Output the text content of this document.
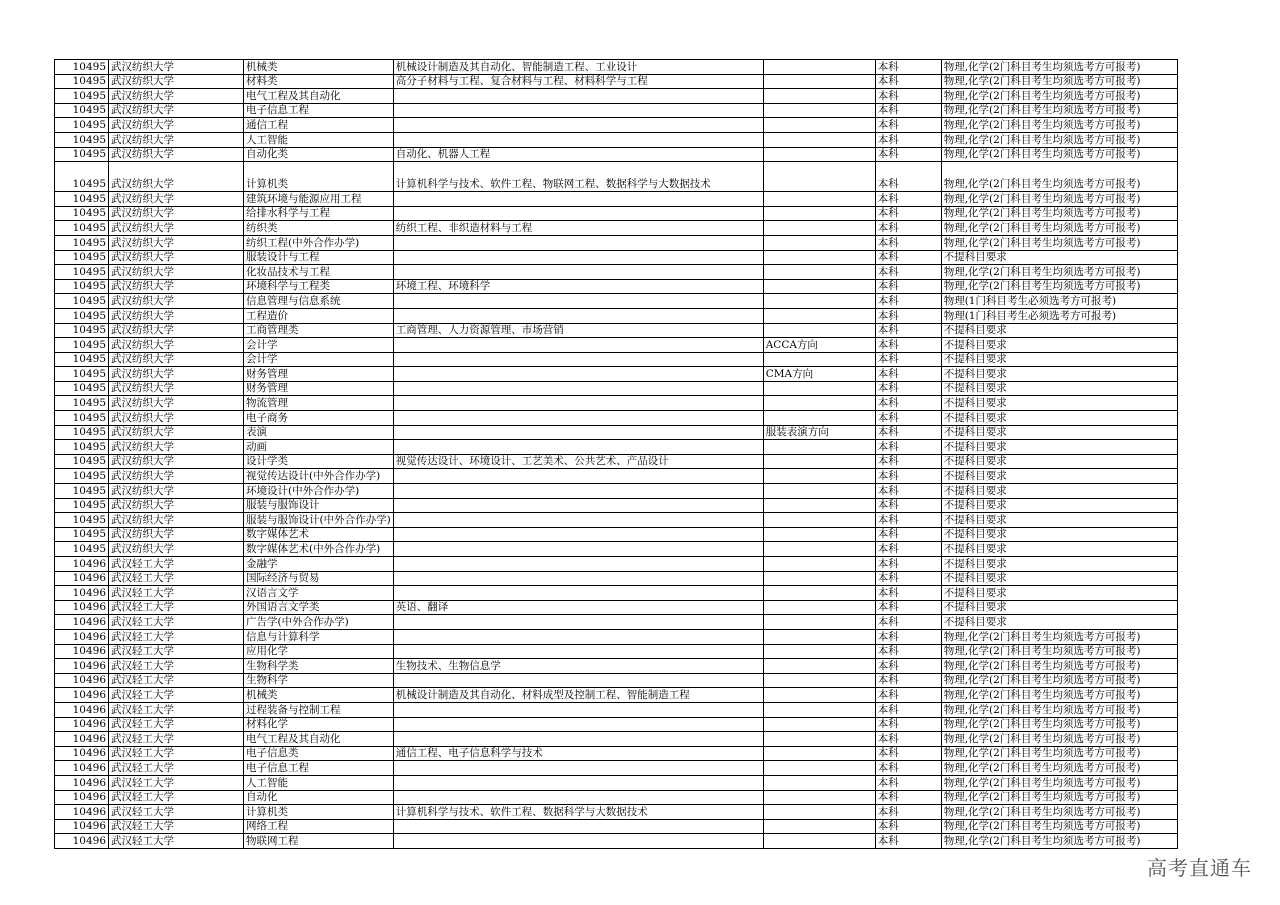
10495	武汉纺织大学	机械类	机械设计制造及其自动化、智能制造工程、工业设计		本科	物理,化学(2门科目考生均须选考方可报考)
10495	武汉纺织大学	材料类	高分子材料与工程、复合材料与工程、材料科学与工程		本科	物理,化学(2门科目考生均须选考方可报考)
10495	武汉纺织大学	电气工程及其自动化			本科	物理,化学(2门科目考生均须选考方可报考)
10495	武汉纺织大学	电子信息工程			本科	物理,化学(2门科目考生均须选考方可报考)
10495	武汉纺织大学	通信工程			本科	物理,化学(2门科目考生均须选考方可报考)
10495	武汉纺织大学	人工智能			本科	物理,化学(2门科目考生均须选考方可报考)
10495	武汉纺织大学	自动化类	自动化、机器人工程		本科	物理,化学(2门科目考生均须选考方可报考)
10495	武汉纺织大学	计算机类	计算机科学与技术、软件工程、物联网工程、数据科学与大数据技术		本科	物理,化学(2门科目考生均须选考方可报考)
10495	武汉纺织大学	建筑环境与能源应用工程			本科	物理,化学(2门科目考生均须选考方可报考)
10495	武汉纺织大学	给排水科学与工程			本科	物理,化学(2门科目考生均须选考方可报考)
10495	武汉纺织大学	纺织类	纺织工程、非织造材料与工程		本科	物理,化学(2门科目考生均须选考方可报考)
10495	武汉纺织大学	纺织工程(中外合作办学)			本科	物理,化学(2门科目考生均须选考方可报考)
10495	武汉纺织大学	服装设计与工程			本科	不提科目要求
10495	武汉纺织大学	化妆品技术与工程			本科	物理,化学(2门科目考生均须选考方可报考)
10495	武汉纺织大学	环境科学与工程类	环境工程、环境科学		本科	物理,化学(2门科目考生均须选考方可报考)
10495	武汉纺织大学	信息管理与信息系统			本科	物理(1门科目考生必须选考方可报考)
10495	武汉纺织大学	工程造价			本科	物理(1门科目考生必须选考方可报考)
10495	武汉纺织大学	工商管理类	工商管理、人力资源管理、市场营销		本科	不提科目要求
10495	武汉纺织大学	会计学		ACCA方向	本科	不提科目要求
10495	武汉纺织大学	会计学			本科	不提科目要求
10495	武汉纺织大学	财务管理		CMA方向	本科	不提科目要求
10495	武汉纺织大学	财务管理			本科	不提科目要求
10495	武汉纺织大学	物流管理			本科	不提科目要求
10495	武汉纺织大学	电子商务			本科	不提科目要求
10495	武汉纺织大学	表演		服装表演方向	本科	不提科目要求
10495	武汉纺织大学	动画			本科	不提科目要求
10495	武汉纺织大学	设计学类	视觉传达设计、环境设计、工艺美术、公共艺术、产品设计		本科	不提科目要求
10495	武汉纺织大学	视觉传达设计(中外合作办学)			本科	不提科目要求
10495	武汉纺织大学	环境设计(中外合作办学)			本科	不提科目要求
10495	武汉纺织大学	服装与服饰设计			本科	不提科目要求
10495	武汉纺织大学	服装与服饰设计(中外合作办学)			本科	不提科目要求
10495	武汉纺织大学	数字媒体艺术			本科	不提科目要求
10495	武汉纺织大学	数字媒体艺术(中外合作办学)			本科	不提科目要求
10496	武汉轻工大学	金融学			本科	不提科目要求
10496	武汉轻工大学	国际经济与贸易			本科	不提科目要求
10496	武汉轻工大学	汉语言文学			本科	不提科目要求
10496	武汉轻工大学	外国语言文学类	英语、翻译		本科	不提科目要求
10496	武汉轻工大学	广告学(中外合作办学)			本科	不提科目要求
10496	武汉轻工大学	信息与计算科学			本科	物理,化学(2门科目考生均须选考方可报考)
10496	武汉轻工大学	应用化学			本科	物理,化学(2门科目考生均须选考方可报考)
10496	武汉轻工大学	生物科学类	生物技术、生物信息学		本科	物理,化学(2门科目考生均须选考方可报考)
10496	武汉轻工大学	生物科学			本科	物理,化学(2门科目考生均须选考方可报考)
10496	武汉轻工大学	机械类	机械设计制造及其自动化、材料成型及控制工程、智能制造工程		本科	物理,化学(2门科目考生均须选考方可报考)
10496	武汉轻工大学	过程装备与控制工程			本科	物理,化学(2门科目考生均须选考方可报考)
10496	武汉轻工大学	材料化学			本科	物理,化学(2门科目考生均须选考方可报考)
10496	武汉轻工大学	电气工程及其自动化			本科	物理,化学(2门科目考生均须选考方可报考)
10496	武汉轻工大学	电子信息类	通信工程、电子信息科学与技术		本科	物理,化学(2门科目考生均须选考方可报考)
10496	武汉轻工大学	电子信息工程			本科	物理,化学(2门科目考生均须选考方可报考)
10496	武汉轻工大学	人工智能			本科	物理,化学(2门科目考生均须选考方可报考)
10496	武汉轻工大学	自动化			本科	物理,化学(2门科目考生均须选考方可报考)
10496	武汉轻工大学	计算机类	计算机科学与技术、软件工程、数据科学与大数据技术		本科	物理,化学(2门科目考生均须选考方可报考)
10496	武汉轻工大学	网络工程			本科	物理,化学(2门科目考生均须选考方可报考)
10496	武汉轻工大学	物联网工程			本科	物理,化学(2门科目考生均须选考方可报考)
高考直通车
